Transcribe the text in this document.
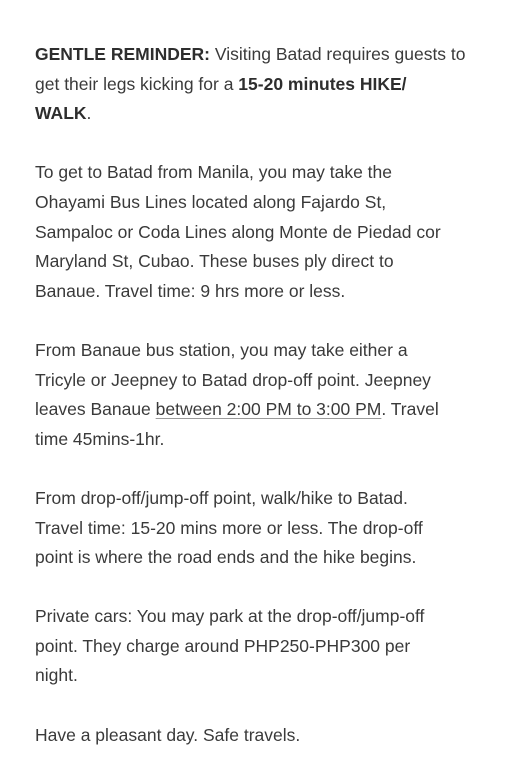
GENTLE REMINDER: Visiting Batad requires guests to
get their legs kicking for a 15-20 minutes HIKE/
WALK.

To get to Batad from Manila, you may take the
Ohayami Bus Lines located along Fajardo St,
Sampaloc or Coda Lines along Monte de Piedad cor
Maryland St, Cubao. These buses ply direct to
Banaue. Travel time: 9 hrs more or less.

From Banaue bus station, you may take either a
Tricyle or Jeepney to Batad drop-off point. Jeepney
leaves Banaue between 2:00 PM to 3:00 PM. Travel
time 45mins-1hr.

From drop-off/jump-off point, walk/hike to Batad.
Travel time: 15-20 mins more or less. The drop-off
point is where the road ends and the hike begins.

Private cars: You may park at the drop-off/jump-off
point. They charge around PHP250-PHP300 per
night.

Have a pleasant day. Safe travels.
